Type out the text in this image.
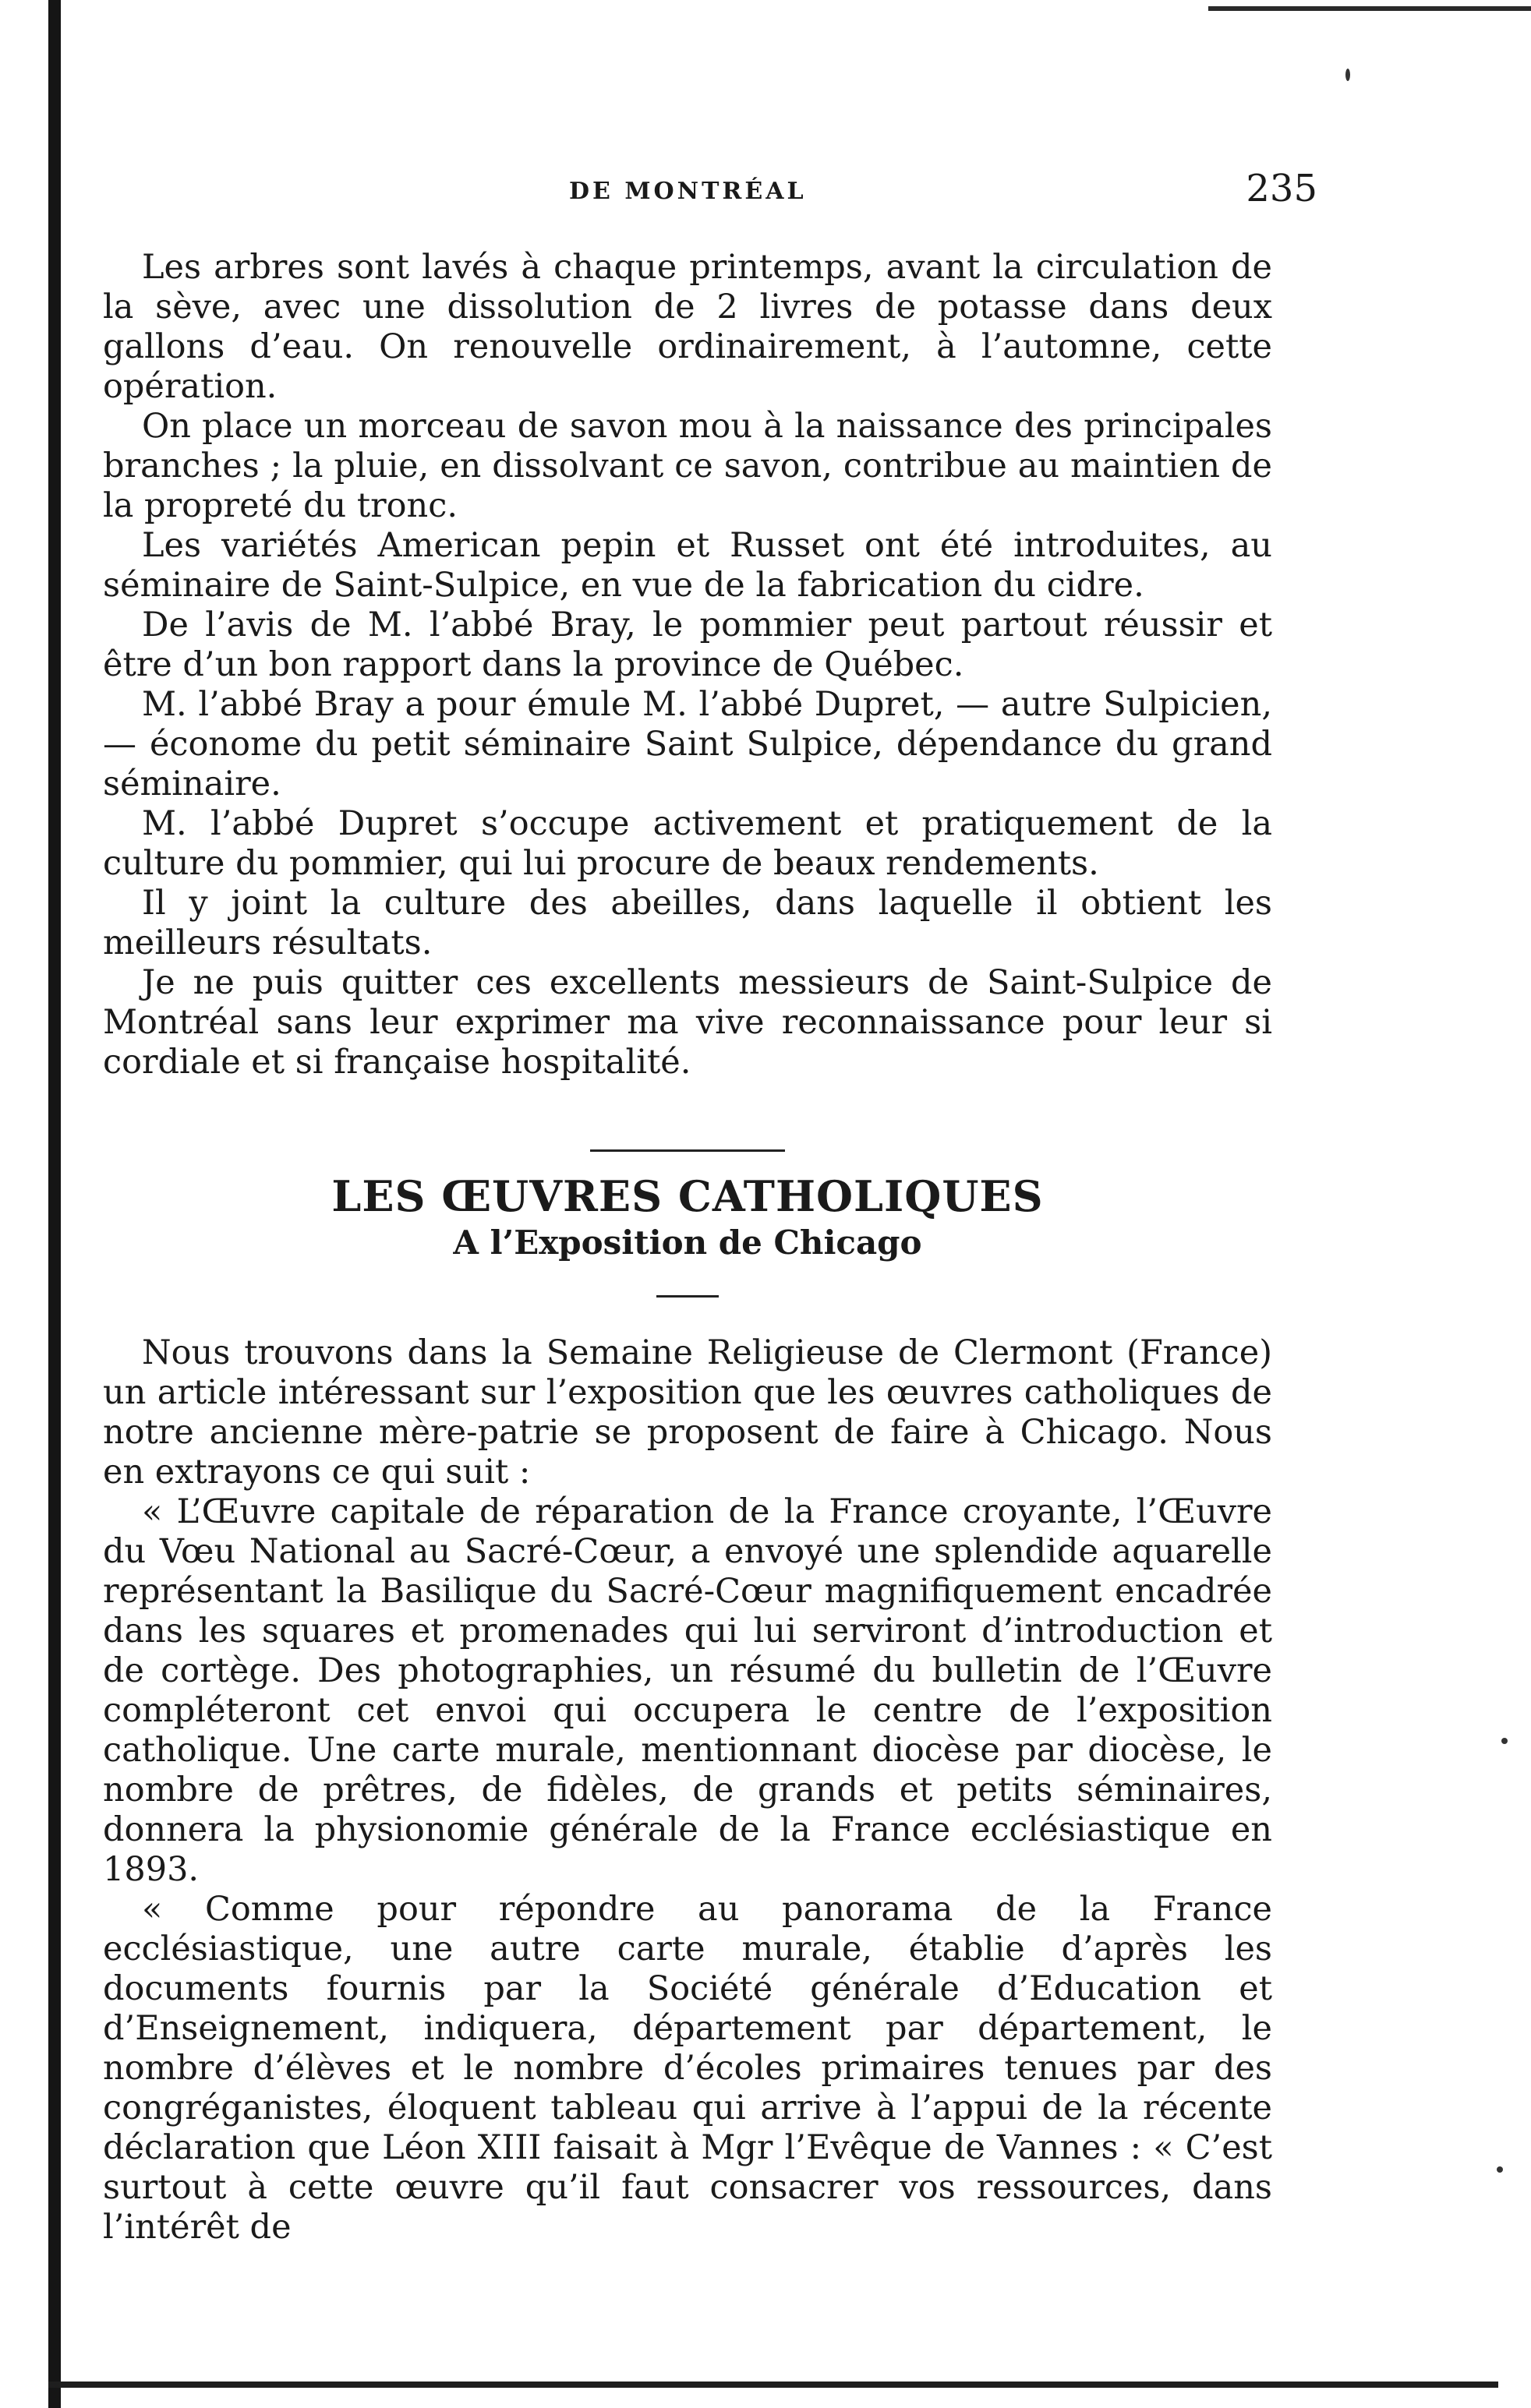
DE MONTRÉAL	235

Les arbres sont lavés à chaque printemps, avant la circulation de la sève, avec une dissolution de 2 livres de potasse dans deux gallons d’eau. On renouvelle ordinairement, à l’automne, cette opération.

On place un morceau de savon mou à la naissance des principales branches ; la pluie, en dissolvant ce savon, contribue au maintien de la propreté du tronc.

Les variétés American pepin et Russet ont été introduites, au séminaire de Saint-Sulpice, en vue de la fabrication du cidre.

De l’avis de M. l’abbé Bray, le pommier peut partout réussir et être d’un bon rapport dans la province de Québec.

M. l’abbé Bray a pour émule M. l’abbé Dupret, — autre Sulpicien, — économe du petit séminaire Saint Sulpice, dépendance du grand séminaire.

M. l’abbé Dupret s’occupe activement et pratiquement de la culture du pommier, qui lui procure de beaux rendements.

Il y joint la culture des abeilles, dans laquelle il obtient les meilleurs résultats.

Je ne puis quitter ces excellents messieurs de Saint-Sulpice de Montréal sans leur exprimer ma vive reconnaissance pour leur si cordiale et si française hospitalité.

LES ŒUVRES CATHOLIQUES
A l’Exposition de Chicago

Nous trouvons dans la Semaine Religieuse de Clermont (France) un article intéressant sur l’exposition que les œuvres catholiques de notre ancienne mère-patrie se proposent de faire à Chicago. Nous en extrayons ce qui suit :

« L’Œuvre capitale de réparation de la France croyante, l’Œuvre du Vœu National au Sacré-Cœur, a envoyé une splendide aquarelle représentant la Basilique du Sacré-Cœur magnifiquement encadrée dans les squares et promenades qui lui serviront d’introduction et de cortège. Des photographies, un résumé du bulletin de l’Œuvre compléteront cet envoi qui occupera le centre de l’exposition catholique. Une carte murale, mentionnant diocèse par diocèse, le nombre de prêtres, de fidèles, de grands et petits séminaires, donnera la physionomie générale de la France ecclésiastique en 1893.

« Comme pour répondre au panorama de la France ecclésiastique, une autre carte murale, établie d’après les documents fournis par la Société générale d’Education et d’Enseignement, indiquera, département par département, le nombre d’élèves et le nombre d’écoles primaires tenues par des congréganistes, éloquent tableau qui arrive à l’appui de la récente déclaration que Léon XIII faisait à Mgr l’Evêque de Vannes : « C’est surtout à cette œuvre qu’il faut consacrer vos ressources, dans l’intérêt de
